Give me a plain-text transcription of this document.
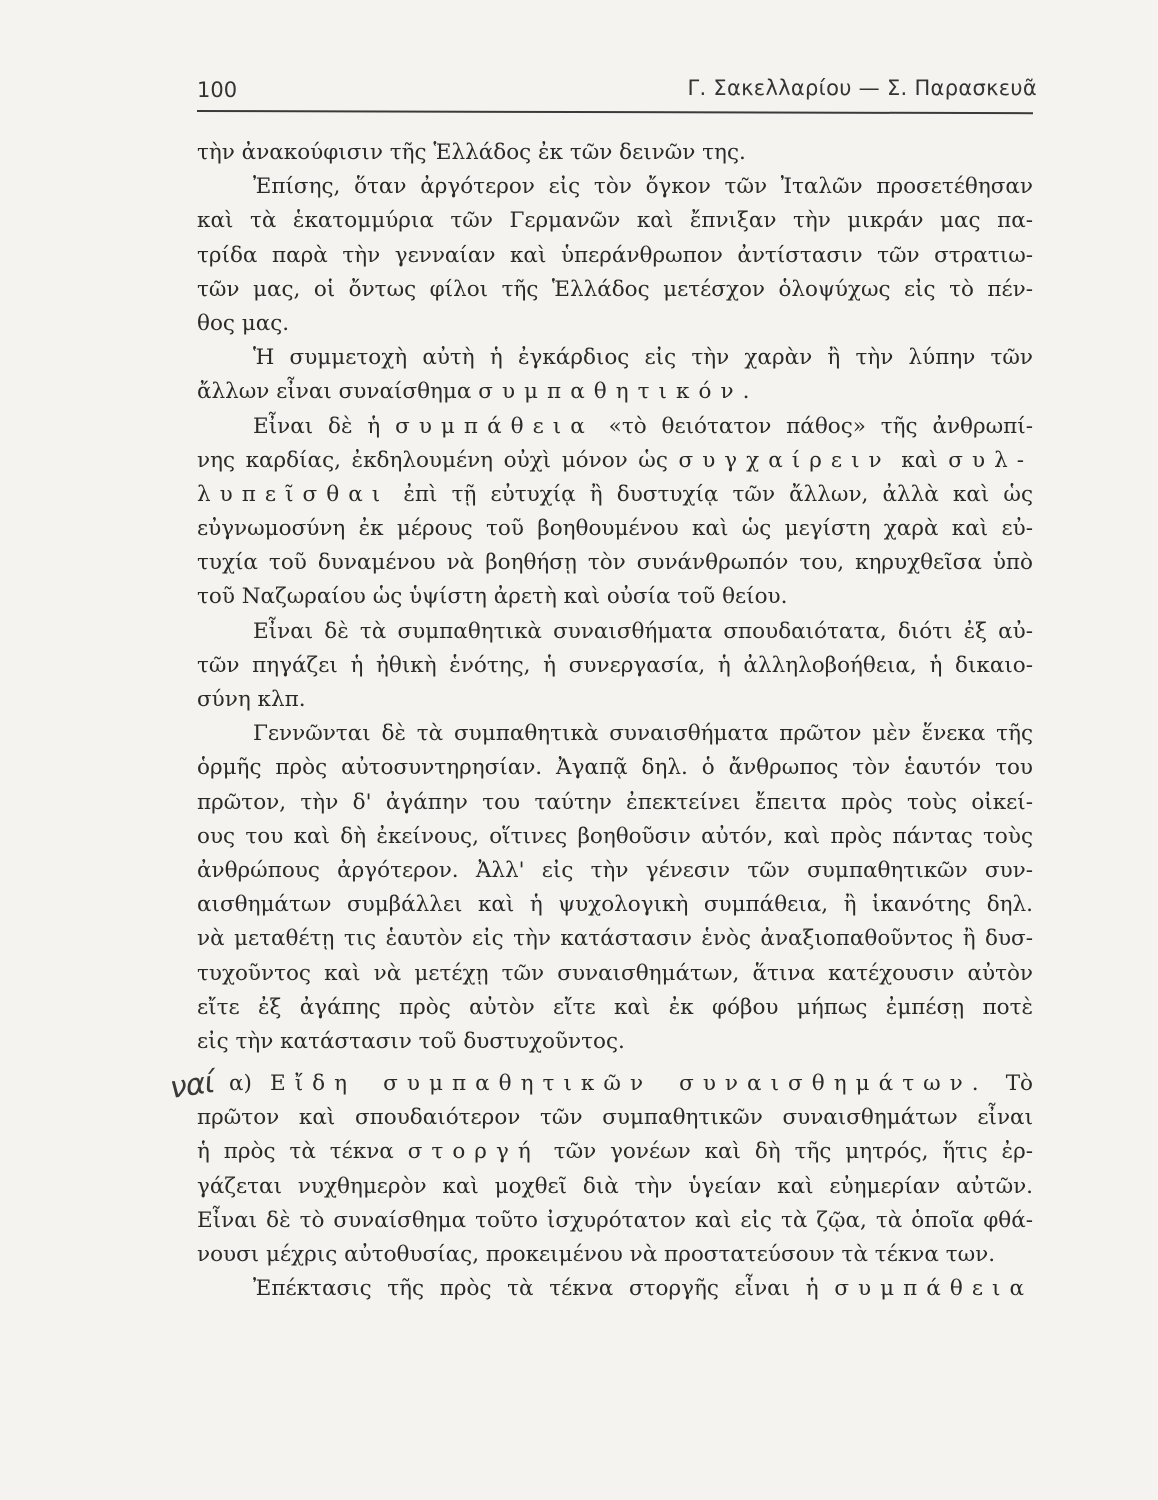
100	Γ. Σακελλαρίου — Σ. Παρασκευᾶ
ναί
τὴν ἀνακούφισιν τῆς Ἑλλάδος ἐκ τῶν δεινῶν της.
Ἐπίσης, ὅταν ἀργότερον εἰς τὸν ὄγκον τῶν Ἰταλῶν προσετέθησαν
καὶ τὰ ἑκατομμύρια τῶν Γερμανῶν καὶ ἔπνιξαν τὴν μικράν μας πα-
τρίδα παρὰ τὴν γενναίαν καὶ ὑπεράνθρωπον ἀντίστασιν τῶν στρατιω-
τῶν μας, οἱ ὄντως φίλοι τῆς Ἑλλάδος μετέσχον ὁλοψύχως εἰς τὸ πέν-
θος μας.
Ἡ συμμετοχὴ αὐτὴ ἡ ἐγκάρδιος εἰς τὴν χαρὰν ἢ τὴν λύπην τῶν
ἄλλων εἶναι συναίσθημα συμπαθητικόν.
Εἶναι δὲ ἡ συμπάθεια «τὸ θειότατον πάθος» τῆς ἀνθρωπί-
νης καρδίας, ἐκδηλουμένη οὐχὶ μόνον ὡς συγχαίρειν καὶ συλ-
λυπεῖσθαι ἐπὶ τῇ εὐτυχίᾳ ἢ δυστυχίᾳ τῶν ἄλλων, ἀλλὰ καὶ ὡς
εὐγνωμοσύνη ἐκ μέρους τοῦ βοηθουμένου καὶ ὡς μεγίστη χαρὰ καὶ εὐ-
τυχία τοῦ δυναμένου νὰ βοηθήσῃ τὸν συνάνθρωπόν του, κηρυχθεῖσα ὑπὸ
τοῦ Ναζωραίου ὡς ὑψίστη ἀρετὴ καὶ οὐσία τοῦ θείου.
Εἶναι δὲ τὰ συμπαθητικὰ συναισθήματα σπουδαιότατα, διότι ἐξ αὐ-
τῶν πηγάζει ἡ ἠθικὴ ἑνότης, ἡ συνεργασία, ἡ ἀλληλοβοήθεια, ἡ δικαιο-
σύνη κλπ.
Γεννῶνται δὲ τὰ συμπαθητικὰ συναισθήματα πρῶτον μὲν ἕνεκα τῆς
ὁρμῆς πρὸς αὐτοσυντηρησίαν. Ἀγαπᾷ δηλ. ὁ ἄνθρωπος τὸν ἑαυτόν του
πρῶτον, τὴν δ' ἀγάπην του ταύτην ἐπεκτείνει ἔπειτα πρὸς τοὺς οἰκεί-
ους του καὶ δὴ ἐκείνους, οἵτινες βοηθοῦσιν αὐτόν, καὶ πρὸς πάντας τοὺς
ἀνθρώπους ἀργότερον. Ἀλλ' εἰς τὴν γένεσιν τῶν συμπαθητικῶν συν-
αισθημάτων συμβάλλει καὶ ἡ ψυχολογικὴ συμπάθεια, ἢ ἱκανότης δηλ.
νὰ μεταθέτῃ τις ἑαυτὸν εἰς τὴν κατάστασιν ἑνὸς ἀναξιοπαθοῦντος ἢ δυσ-
τυχοῦντος καὶ νὰ μετέχῃ τῶν συναισθημάτων, ἅτινα κατέχουσιν αὐτὸν
εἴτε ἐξ ἀγάπης πρὸς αὐτὸν εἴτε καὶ ἐκ φόβου μήπως ἐμπέσῃ ποτὲ
εἰς τὴν κατάστασιν τοῦ δυστυχοῦντος.
α) Εἴδη συμπαθητικῶν συναισθημάτων. Τὸ
πρῶτον καὶ σπουδαιότερον τῶν συμπαθητικῶν συναισθημάτων εἶναι
ἡ πρὸς τὰ τέκνα στοργή τῶν γονέων καὶ δὴ τῆς μητρός, ἥτις ἐρ-
γάζεται νυχθημερὸν καὶ μοχθεῖ διὰ τὴν ὑγείαν καὶ εὐημερίαν αὐτῶν.
Εἶναι δὲ τὸ συναίσθημα τοῦτο ἰσχυρότατον καὶ εἰς τὰ ζῷα, τὰ ὁποῖα φθά-
νουσι μέχρις αὐτοθυσίας, προκειμένου νὰ προστατεύσουν τὰ τέκνα των.
Ἐπέκτασις τῆς πρὸς τὰ τέκνα στοργῆς εἶναι ἡ συμπάθεια
